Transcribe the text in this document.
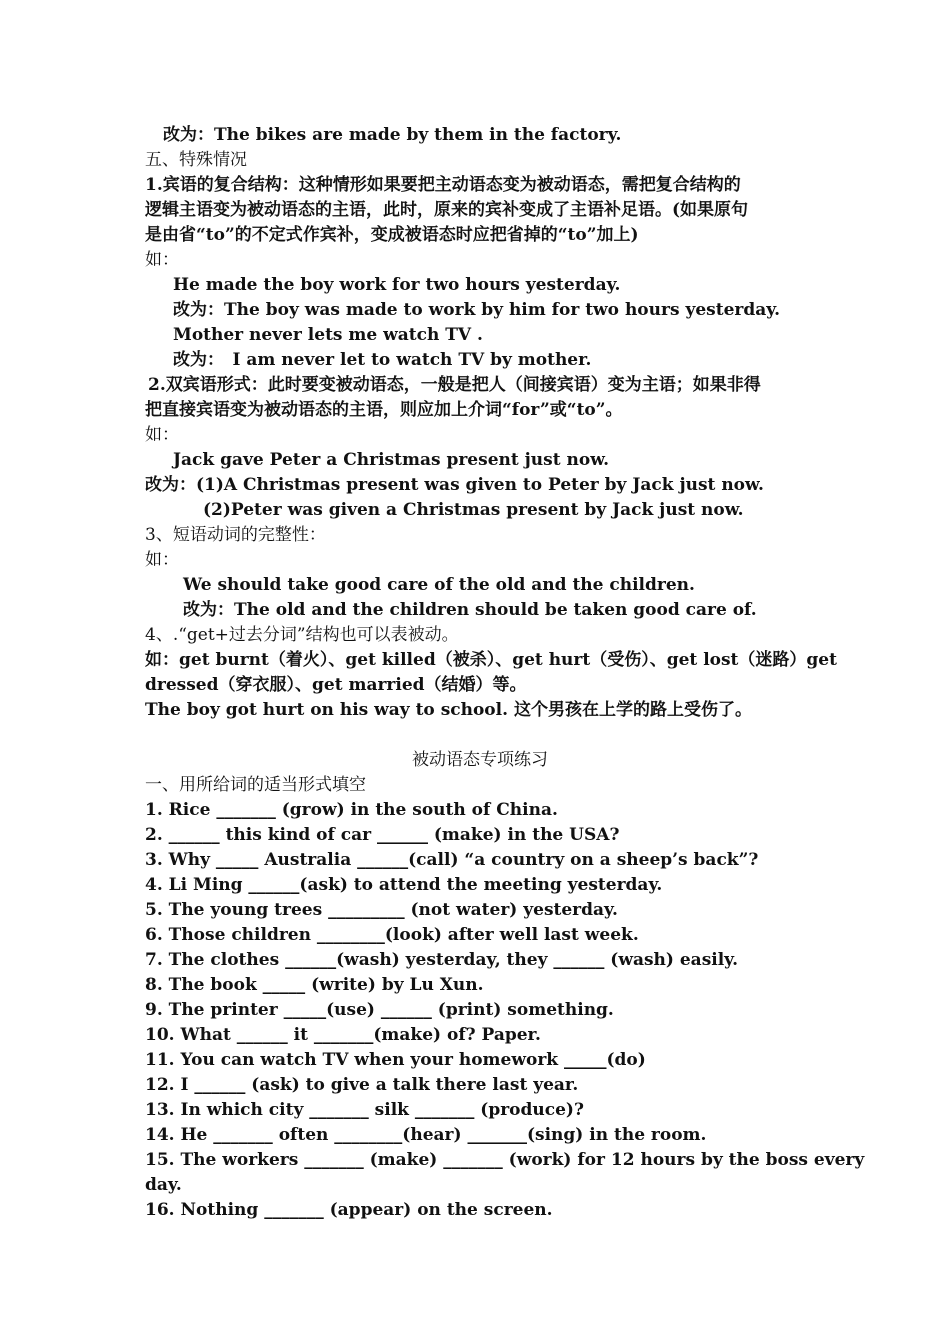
改为：The bikes are made by them in the factory.
五、特殊情况
1.宾语的复合结构：这种情形如果要把主动语态变为被动语态，需把复合结构的
逻辑主语变为被动语态的主语，此时，原来的宾补变成了主语补足语。(如果原句
是由省“to”的不定式作宾补，变成被语态时应把省掉的“to”加上)
如：
He made the boy work for two hours yesterday.
改为：The boy was made to work by him for two hours yesterday.
Mother never lets me watch TV .
改为：　I am never let to watch TV by mother.
2.双宾语形式：此时要变被动语态，一般是把人（间接宾语）变为主语；如果非得
把直接宾语变为被动语态的主语，则应加上介词“for”或“to”。
如：
Jack gave Peter a Christmas present just now.
改为：(1)A Christmas present was given to Peter by Jack just now.
(2)Peter was given a Christmas present by Jack just now.
3、短语动词的完整性：
如：
We should take good care of the old and the children.
改为：The old and the children should be taken good care of.
4、.“get+过去分词”结构也可以表被动。
如：get burnt（着火）、get killed（被杀）、get hurt（受伤）、get lost（迷路）get
dressed（穿衣服）、get married（结婚）等。
The boy got hurt on his way to school. 这个男孩在上学的路上受伤了。
被动语态专项练习
一、用所给词的适当形式填空
1. Rice _______ (grow) in the south of China.
2. ______ this kind of car ______ (make) in the USA?
3. Why _____ Australia ______(call) “a country on a sheep’s back”?
4. Li Ming ______(ask) to attend the meeting yesterday.
5. The young trees _________ (not water) yesterday.
6. Those children ________(look) after well last week.
7. The clothes ______(wash) yesterday, they ______ (wash) easily.
8. The book _____ (write) by Lu Xun.
9. The printer _____(use) ______ (print) something.
10. What ______ it _______(make) of? Paper.
11. You can watch TV when your homework _____(do)
12. I ______ (ask) to give a talk there last year.
13. In which city _______ silk _______ (produce)?
14. He _______ often ________(hear) _______(sing) in the room.
15. The workers _______ (make) _______ (work) for 12 hours by the boss every
day.
16. Nothing _______ (appear) on the screen.
